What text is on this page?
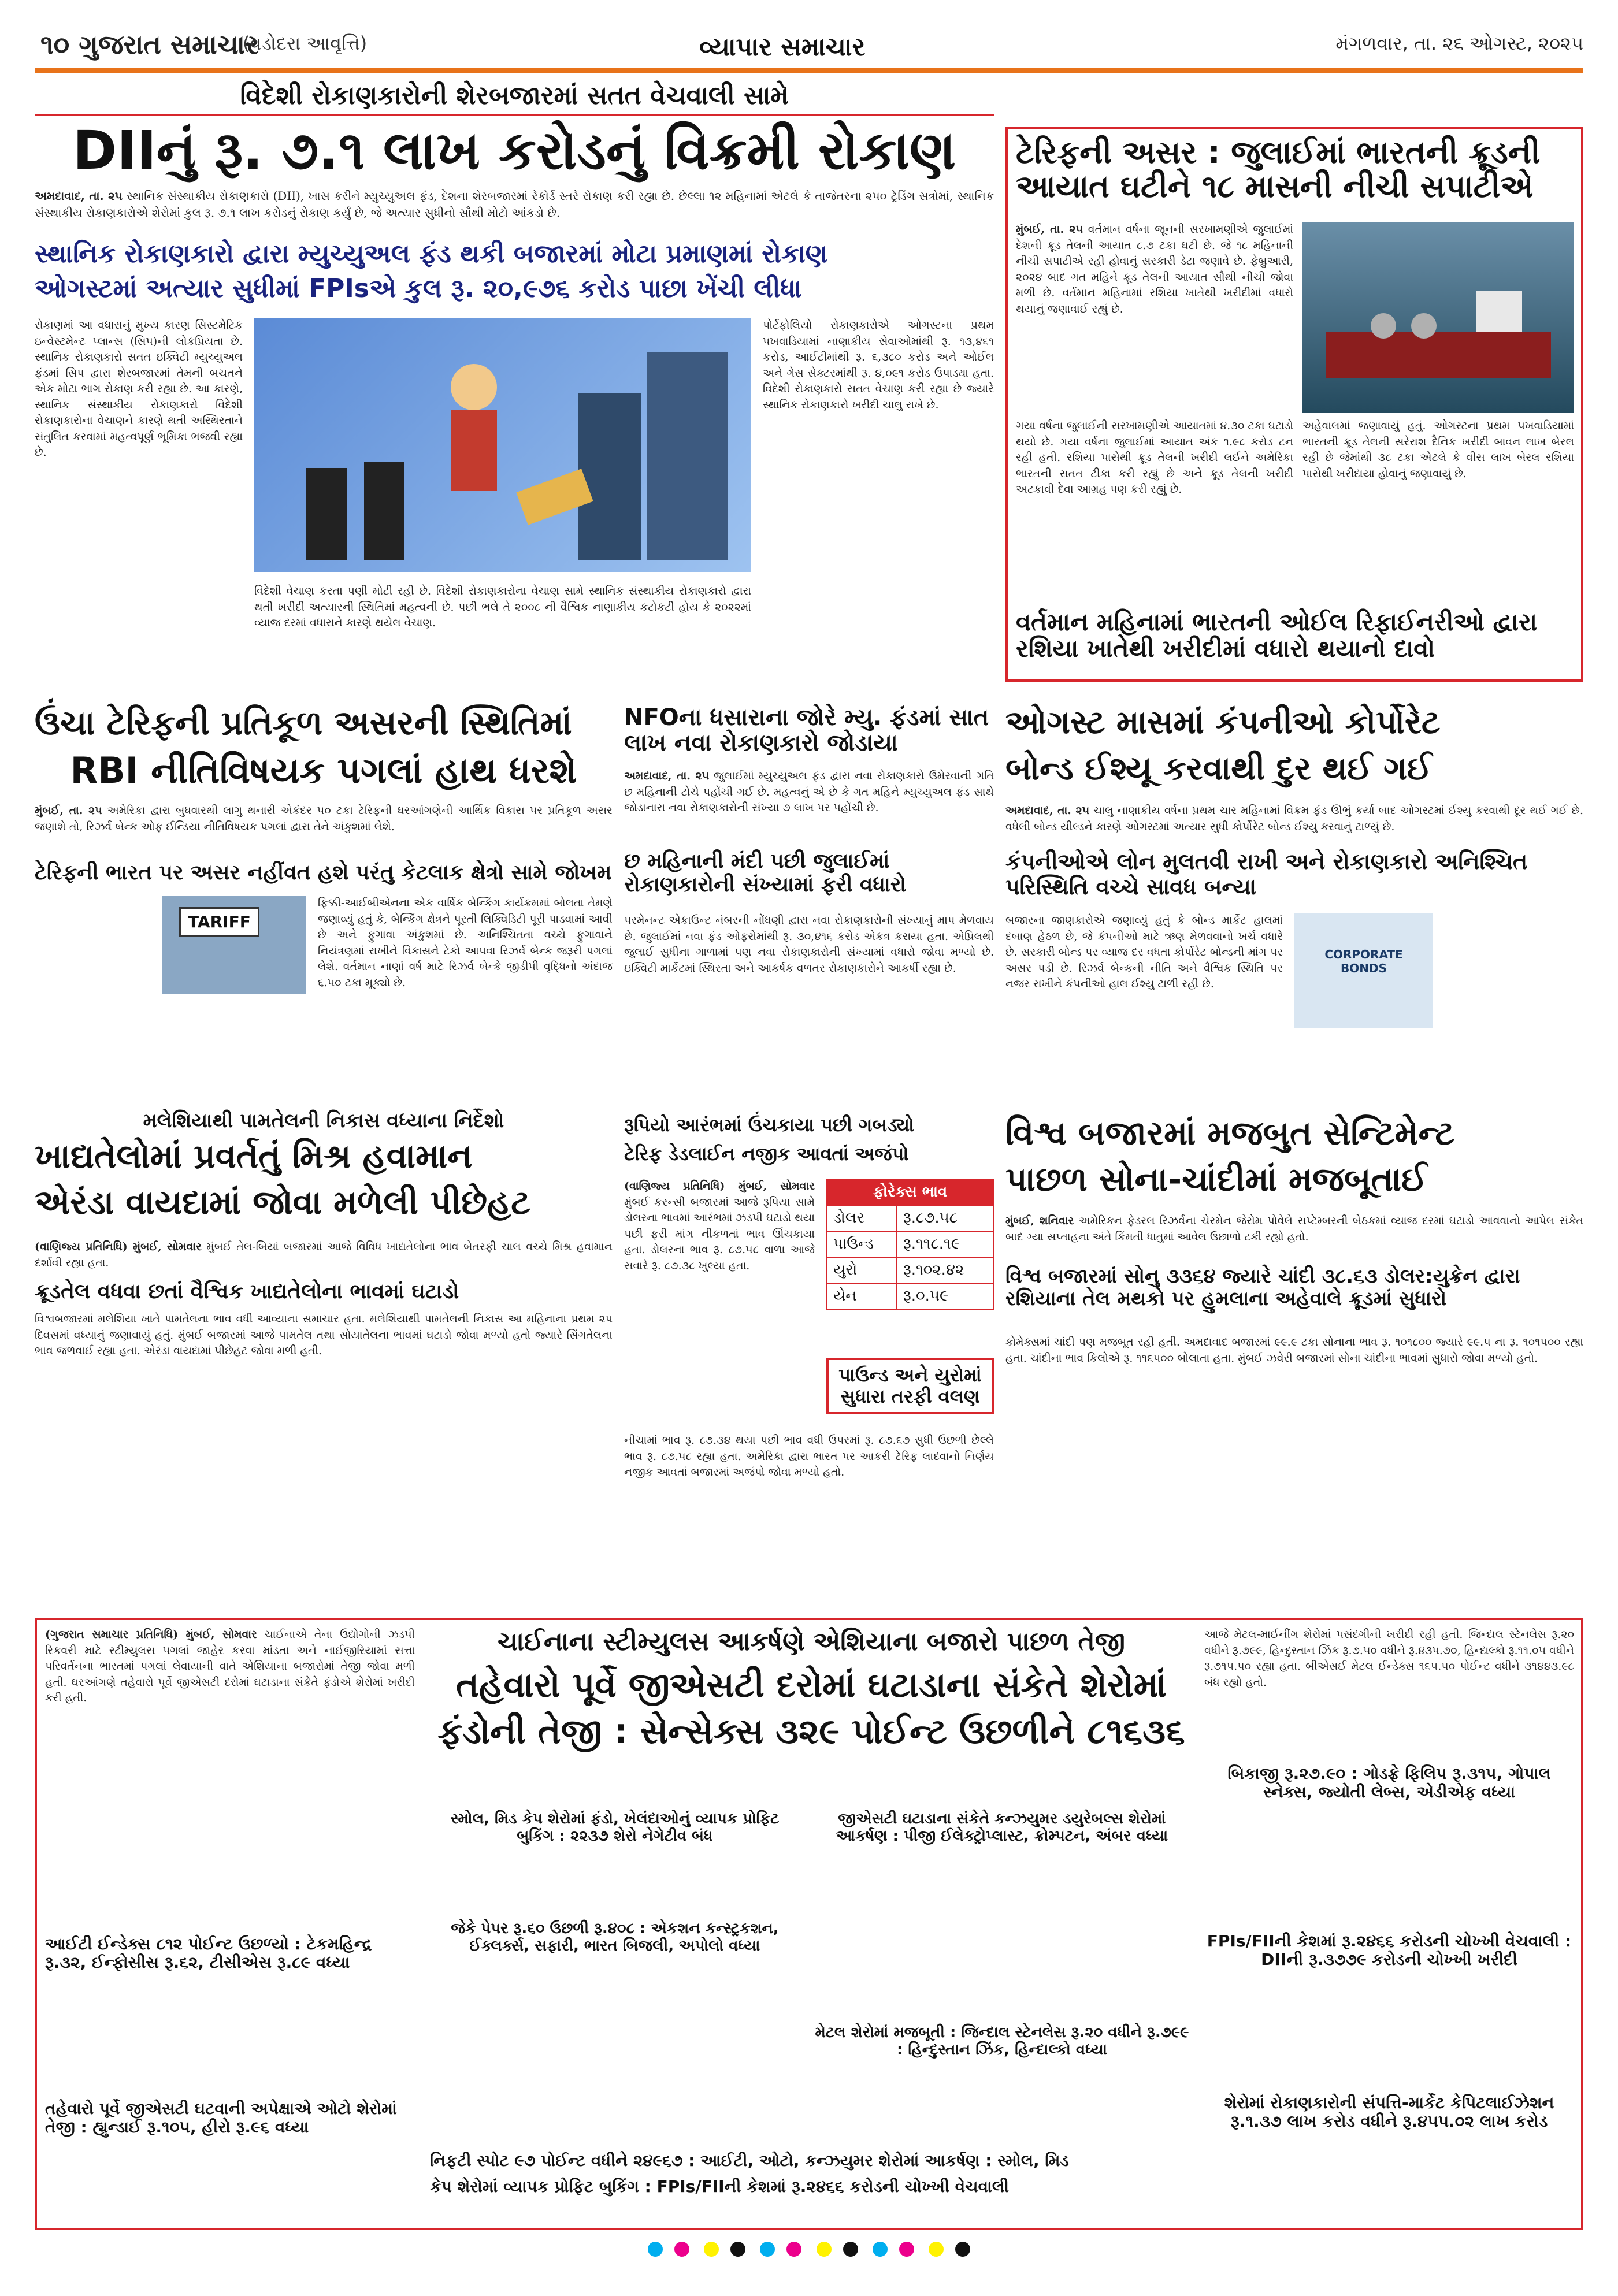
૧૦ ગુજરાત સમાચાર
(વડોદરા આવૃત્તિ)	વ્યાપાર સમાચાર	મંગળવાર, તા. ૨૬ ઓગસ્ટ, ૨૦૨૫
વિદેશી રોકાણકારોની શેરબજારમાં સતત વેચવાલી સામે
DIIનું રૂ. ૭.૧ લાખ કરોડનું વિક્રમી રોકાણ
અમદાવાદ, તા. ૨૫ સ્થાનિક સંસ્થાકીય રોકાણકારો (DII), ખાસ કરીને મ્યુચ્યુઅલ ફંડ, દેશના શેરબજારમાં રેકોર્ડ સ્તરે રોકાણ કરી રહ્યા છે. છેલ્લા ૧૨ મહિનામાં એટલે કે તાજેતરના ૨૫૦ ટ્રેડિંગ સત્રોમાં, સ્થાનિક સંસ્થાકીય રોકાણકારોએ શેરોમાં કુલ રૂ. ૭.૧ લાખ કરોડનું રોકાણ કર્યું છે, જે અત્યાર સુધીનો સૌથી મોટો આંકડો છે.
સ્થાનિક રોકાણકારો દ્વારા મ્યુચ્યુઅલ ફંડ થકી બજારમાં મોટા પ્રમાણમાં રોકાણ
ઓગસ્ટમાં અત્યાર સુધીમાં FPIsએ કુલ રૂ. ૨૦,૯૭૬ કરોડ પાછા ખેંચી લીધા
રોકાણમાં આ વધારાનું મુખ્ય કારણ સિસ્ટમેટિક ઇન્વેસ્ટમેન્ટ પ્લાન્સ (સિપ)ની લોકપ્રિયતા છે. સ્થાનિક રોકાણકારો સતત ઇક્વિટી મ્યુચ્યુઅલ ફંડમાં સિપ દ્વારા શેરબજારમાં તેમની બચતને એક મોટા ભાગ રોકાણ કરી રહ્યા છે. આ કારણે, સ્થાનિક સંસ્થાકીય રોકાણકારો વિદેશી રોકાણકારોના વેચાણને કારણે થતી અસ્થિરતાને સંતુલિત કરવામાં મહત્વપૂર્ણ ભૂમિકા ભજવી રહ્યા છે.
પોર્ટફોલિયો રોકાણકારોએ ઓગસ્ટના પ્રથમ પખવાડિયામાં નાણાકીય સેવાઓમાંથી રૂ. ૧૩,૪૬૧ કરોડ, આઈટીમાંથી રૂ. ૬,૩૮૦ કરોડ અને ઓઈલ અને ગેસ સેક્ટરમાંથી રૂ. ૪,૦૯૧ કરોડ ઉપાડ્યા હતા. વિદેશી રોકાણકારો સતત વેચાણ કરી રહ્યા છે જ્યારે સ્થાનિક રોકાણકારો ખરીદી ચાલુ રાખે છે.
વિદેશી વેચાણ કરતા પણી મોટી રહી છે. વિદેશી રોકાણકારોના વેચાણ સામે સ્થાનિક સંસ્થાકીય રોકાણકારો દ્વારા થતી ખરીદી અત્યારની સ્થિતિમાં મહત્વની છે. પછી ભલે તે ૨૦૦૮ ની વૈશ્વિક નાણાકીય કટોકટી હોય કે ૨૦૨૨માં વ્યાજ દરમાં વધારાને કારણે થયેલ વેચાણ.
ટેરિફની અસર : જુલાઈમાં ભારતની ક્રૂડની આયાત ઘટીને ૧૮ માસની નીચી સપાટીએ
મુંબઈ, તા. ૨૫ વર્તમાન વર્ષના જૂનની સરખામણીએ જુલાઈમાં દેશની ક્રૂડ તેલની આયાત ૮.૭ ટકા ઘટી છે. જે ૧૮ મહિનાની નીચી સપાટીએ રહી હોવાનું સરકારી ડેટા જણાવે છે. ફેબ્રુઆરી, ૨૦૨૪ બાદ ગત મહિને ક્રૂડ તેલની આયાત સૌથી નીચી જોવા મળી છે. વર્તમાન મહિનામાં રશિયા ખાતેથી ખરીદીમાં વધારો થયાનું જણાવાઈ રહ્યું છે.
ગયા વર્ષના જુલાઈની સરખામણીએ આયાતમાં ૪.૩૦ ટકા ઘટાડો થયો છે. ગયા વર્ષના જુલાઈમાં આયાત અંક ૧.૯૮ કરોડ ટન રહી હતી. રશિયા પાસેથી ક્રૂડ તેલની ખરીદી લઈને અમેરિકા ભારતની સતત ટીકા કરી રહ્યું છે અને ક્રૂડ તેલની ખરીદી અટકાવી દેવા આગ્રહ પણ કરી રહ્યું છે.
અહેવાલમાં જણાવાયું હતું. ઓગસ્ટના પ્રથમ પખવાડિયામાં ભારતની ક્રૂડ તેલની સરેરાશ દૈનિક ખરીદી બાવન લાખ બેરલ રહી છે જેમાંથી ૩૮ ટકા એટલે કે વીસ લાખ બેરલ રશિયા પાસેથી ખરીદાયા હોવાનું જણાવાયું છે.
વર્તમાન મહિનામાં ભારતની ઓઈલ રિફાઈનરીઓ દ્વારા રશિયા ખાતેથી ખરીદીમાં વધારો થયાનો દાવો
ઉંચા ટેરિફની પ્રતિકૂળ અસરની સ્થિતિમાં
RBI નીતિવિષયક પગલાં હાથ ધરશે
મુંબઈ, તા. ૨૫ અમેરિકા દ્વારા બુધવારથી લાગુ થનારી એકંદર ૫૦ ટકા ટેરિફની ઘરઆંગણેની આર્થિક વિકાસ પર પ્રતિકૂળ અસર જણાશે તો, રિઝર્વ બેન્ક ઓફ ઈન્ડિયા નીતિવિષયક પગલાં દ્વારા તેને અંકુશમાં લેશે.
ટેરિફની ભારત પર અસર નહીંવત હશે પરંતુ કેટલાક ક્ષેત્રો સામે જોખમ
TARIFF
ફિક્કી-આઈબીએનના એક વાર્ષિક બેન્કિંગ કાર્યક્રમમાં બોલતા તેમણે જણાવ્યું હતું કે, બેન્કિંગ ક્ષેત્રને પૂરતી લિક્વિડિટી પૂરી પાડવામાં આવી છે અને ફુગાવા અંકુશમાં છે. અનિશ્ચિતતા વચ્ચે ફુગાવાને નિયંત્રણમાં રાખીને વિકાસને ટેકો આપવા રિઝર્વ બેન્ક જરૂરી પગલાં લેશે. વર્તમાન નાણાં વર્ષ માટે રિઝર્વ બેન્કે જીડીપી વૃદ્ધિનો અંદાજ ૬.૫૦ ટકા મૂક્યો છે.
NFOના ધસારાના જોરે મ્યુ. ફંડમાં સાત લાખ નવા રોકાણકારો જોડાયા
અમદાવાદ, તા. ૨૫ જુલાઈમાં મ્યુચ્યુઅલ ફંડ દ્વારા નવા રોકાણકારો ઉમેરવાની ગતિ છ મહિનાની ટોચે પહોંચી ગઈ છે. મહત્વનું એ છે કે ગત મહિને મ્યુચ્યુઅલ ફંડ સાથે જોડાનારા નવા રોકાણકારોની સંખ્યા ૭ લાખ પર પહોંચી છે.
છ મહિનાની મંદી પછી જુલાઈમાં રોકાણકારોની સંખ્યામાં ફરી વધારો
પરમેનન્ટ એકાઉન્ટ નંબરની નોંધણી દ્વારા નવા રોકાણકારોની સંખ્યાનું માપ મેળવાય છે. જુલાઈમાં નવા ફંડ ઓફરોમાંથી રૂ. ૩૦,૪૧૬ કરોડ એકત્ર કરાયા હતા. એપ્રિલથી જુલાઈ સુધીના ગાળામાં પણ નવા રોકાણકારોની સંખ્યામાં વધારો જોવા મળ્યો છે. ઇક્વિટી માર્કેટમાં સ્થિરતા અને આકર્ષક વળતર રોકાણકારોને આકર્ષી રહ્યા છે.
ઓગસ્ટ માસમાં કંપનીઓ કોર્પોરેટ
બોન્ડ ઈશ્યૂ કરવાથી દુર થઈ ગઈ
અમદાવાદ, તા. ૨૫ ચાલુ નાણાકીય વર્ષના પ્રથમ ચાર મહિનામાં વિક્રમ ફંડ ઊભું કર્યા બાદ ઓગસ્ટમાં ઈશ્યુ કરવાથી દૂર થઈ ગઈ છે. વધેલી બોન્ડ યીલ્ડને કારણે ઓગસ્ટમાં અત્યાર સુધી કોર્પોરેટ બોન્ડ ઈશ્યુ કરવાનું ટાળ્યું છે.
કંપનીઓએ લોન મુલતવી રાખી અને રોકાણકારો અનિશ્ચિત પરિસ્થિતિ વચ્ચે સાવધ બન્યા
બજારના જાણકારોએ જણાવ્યું હતું કે બોન્ડ માર્કેટ હાલમાં દબાણ હેઠળ છે, જે કંપનીઓ માટે ઋણ મેળવવાનો ખર્ચ વધારે છે. સરકારી બોન્ડ પર વ્યાજ દર વધતા કોર્પોરેટ બોન્ડની માંગ પર અસર પડી છે. રિઝર્વ બેન્કની નીતિ અને વૈશ્વિક સ્થિતિ પર નજર રાખીને કંપનીઓ હાલ ઈશ્યુ ટાળી રહી છે.
CORPORATE BONDS
મલેશિયાથી પામતેલની નિકાસ વધ્યાના નિર્દેશો
ખાદ્યતેલોમાં પ્રવર્તતું મિશ્ર હવામાન
એરંડા વાયદામાં જોવા મળેલી પીછેહટ
(વાણિજ્ય પ્રતિનિધિ) મુંબઈ, સોમવાર મુંબઈ તેલ-બિયાં બજારમાં આજે વિવિધ ખાદ્યતેલોના ભાવ બેતરફી ચાલ વચ્ચે મિશ્ર હવામાન દર્શાવી રહ્યા હતા.
ક્રૂડતેલ વધવા છતાં વૈશ્વિક ખાદ્યતેલોના ભાવમાં ઘટાડો
વિશ્વબજારમાં મલેશિયા ખાતે પામતેલના ભાવ વધી આવ્યાના સમાચાર હતા. મલેશિયાથી પામતેલની નિકાસ આ મહિનાના પ્રથમ ૨૫ દિવસમાં વધ્યાનું જણાવાયું હતું. મુંબઈ બજારમાં આજે પામતેલ તથા સોયાતેલના ભાવમાં ઘટાડો જોવા મળ્યો હતો જ્યારે સિંગતેલના ભાવ જળવાઈ રહ્યા હતા. એરંડા વાયદામાં પીછેહટ જોવા મળી હતી.
રૂપિયો આરંભમાં ઉંચકાયા પછી ગબડ્યો
ટેરિફ ડેડલાઈન નજીક આવતાં અજંપો
(વાણિજ્ય પ્રતિનિધિ) મુંબઈ, સોમવાર મુંબઈ કરન્સી બજારમાં આજે રૂપિયા સામે ડોલરના ભાવમાં આરંભમાં ઝડપી ઘટાડો થયા પછી ફરી માંગ નીકળતાં ભાવ ઊંચકાયા હતા. ડોલરના ભાવ રૂ. ૮૭.૫૮ વાળા આજે સવારે રૂ. ૮૭.૩૮ ખુલ્યા હતા.
ફોરેક્સ ભાવ	
ડોલર	રૂ.૮૭.૫૮
પાઉન્ડ	રૂ.૧૧૮.૧૯
યુરો	રૂ.૧૦૨.૪૨
યેન	રૂ.૦.૫૯
પાઉન્ડ અને યુરોમાં સુધારા તરફી વલણ
નીચામાં ભાવ રૂ. ૮૭.૩૪ થયા પછી ભાવ વધી ઉપરમાં રૂ. ૮૭.૬૭ સુધી ઉછળી છેલ્લે ભાવ રૂ. ૮૭.૫૮ રહ્યા હતા. અમેરિકા દ્વારા ભારત પર આકરી ટેરિફ લાદવાનો નિર્ણય નજીક આવતાં બજારમાં અજંપો જોવા મળ્યો હતો.
વિશ્વ બજારમાં મજબુત સેન્ટિમેન્ટ
પાછળ સોના-ચાંદીમાં મજબૂતાઈ
મુંબઈ, શનિવાર અમેરિકન ફેડરલ રિઝર્વના ચેરમેન જેરોમ પોવેલે સપ્ટેમ્બરની બેઠકમાં વ્યાજ દરમાં ઘટાડો આવવાનો આપેલ સંકેત બાદ ગ્યા સપ્તાહના અંતે કિંમતી ધાતુમાં આવેલ ઉછાળો ટકી રહ્યો હતો.
વિશ્વ બજારમાં સોનુ ૩૩૬૪ જ્યારે ચાંદી ૩૮.૬૩ ડોલર:યુક્રેન દ્વારા રશિયાના તેલ મથકો પર હુમલાના અહેવાલે ક્રૂડમાં સુધારો
કોમેક્સમાં ચાંદી પણ મજબૂત રહી હતી. અમદાવાદ બજારમાં ૯૯.૯ ટકા સોનાના ભાવ રૂ. ૧૦૧૮૦૦ જ્યારે ૯૯.૫ ના રૂ. ૧૦૧૫૦૦ રહ્યા હતા. ચાંદીના ભાવ કિલોએ રૂ. ૧૧૬૫૦૦ બોલાતા હતા. મુંબઈ ઝવેરી બજારમાં સોના ચાંદીના ભાવમાં સુધારો જોવા મળ્યો હતો.
(ગુજરાત સમાચાર પ્રતિનિધિ) મુંબઈ, સોમવાર ચાઈનાએ તેના ઉદ્યોગોની ઝડપી રિકવરી માટે સ્ટીમ્યુલસ પગલાં જાહેર કરવા માંડતા અને નાઈજીરિયામાં સત્તા પરિવર્તનના ભારતમાં પગલાં લેવાયાની વાતે એશિયાના બજારોમાં તેજી જોવા મળી હતી. ઘરઆંગણે તહેવારો પૂર્વે જીએસટી દરોમાં ઘટાડાના સંકેતે ફંડોએ શેરોમાં ખરીદી કરી હતી.
આઈટી ઈન્ડેક્સ ૮૧૨ પોઈન્ટ ઉછળ્યો : ટેકમહિન્દ્ર રૂ.૩૨, ઈન્ફોસીસ રૂ.૬૨, ટીસીએસ રૂ.૮૯ વધ્યા
તહેવારો પૂર્વે જીએસટી ઘટવાની અપેક્ષાએ ઓટો શેરોમાં તેજી : હ્યુન્ડાઈ રૂ.૧૦૫, હીરો રૂ.૯૬ વધ્યા
ચાઈનાના સ્ટીમ્યુલસ આકર્ષણે એશિયાના બજારો પાછળ તેજી
તહેવારો પૂર્વે જીએસટી દરોમાં ઘટાડાના સંકેતે શેરોમાં
ફંડોની તેજી : સેન્સેક્સ ૩૨૯ પોઈન્ટ ઉછળીને ૮૧૬૩૬
સ્મોલ, મિડ કેપ શેરોમાં ફંડો, ખેલંદાઓનું વ્યાપક પ્રોફિટ બુકિંગ : ૨૨૩૭ શેરો નેગેટીવ બંધ
જેકે પેપર રૂ.૬૦ ઉછળી રૂ.૪૦૮ : એકશન કન્સ્ટ્રકશન, ઈક્લર્ક્સ, સફારી, ભારત બિજલી, અપોલો વધ્યા
જીએસટી ઘટાડાના સંકેતે કન્ઝયુમર ડયુરેબલ્સ શેરોમાં આકર્ષણ : પીજી ઈલેક્ટ્રોપ્લાસ્ટ, ક્રોમ્પટન, અંબર વધ્યા
મેટલ શેરોમાં મજબૂતી : જિન્દાલ સ્ટેનલેસ રૂ.૨૦ વધીને રૂ.૭૯૯ : હિન્દુસ્તાન ઝિંક, હિન્દાલ્કો વધ્યા
નિફટી સ્પોટ ૯૭ પોઈન્ટ વધીને ૨૪૯૬૭ : આઈટી, ઓટો, કન્ઝયુમર શેરોમાં આકર્ષણ : સ્મોલ, મિડ
કેપ શેરોમાં વ્યાપક પ્રોફિટ બુકિંગ : FPIs/FIIની કેશમાં રૂ.૨૪૬૬ કરોડની ચોખ્ખી વેચવાલી
આજે મેટલ-માઈનીંગ શેરોમાં પસંદગીની ખરીદી રહી હતી. જિન્દાલ સ્ટેનલેસ રૂ.૨૦ વધીને રૂ.૭૯૯, હિન્દુસ્તાન ઝિંક રૂ.૭.૫૦ વધીને રૂ.૪૩૫.૭૦, હિન્દાલ્કો રૂ.૧૧.૦૫ વધીને રૂ.૭૧૫.૫૦ રહ્યા હતા. બીએસઈ મેટલ ઈન્ડેક્સ ૧૬૫.૫૦ પોઈન્ટ વધીને ૩૧૪૪૩.૯૮ બંધ રહ્યો હતો.
બિકાજી રૂ.૨૭.૯૦ : ગોડફ્રે ફિલિપ રૂ.૩૧૫, ગોપાલ સ્નેક્સ, જ્યોતી લેબ્સ, એડીએફ વધ્યા
FPIs/FIIની કેશમાં રૂ.૨૪૬૬ કરોડની ચોખ્ખી વેચવાલી : DIIની રૂ.૩૭૭૯ કરોડની ચોખ્ખી ખરીદી
શેરોમાં રોકાણકારોની સંપત્તિ-માર્કેટ કેપિટલાઈઝેશન રૂ.૧.૩૭ લાખ કરોડ વધીને રૂ.૪૫૫.૦૨ લાખ કરોડ
